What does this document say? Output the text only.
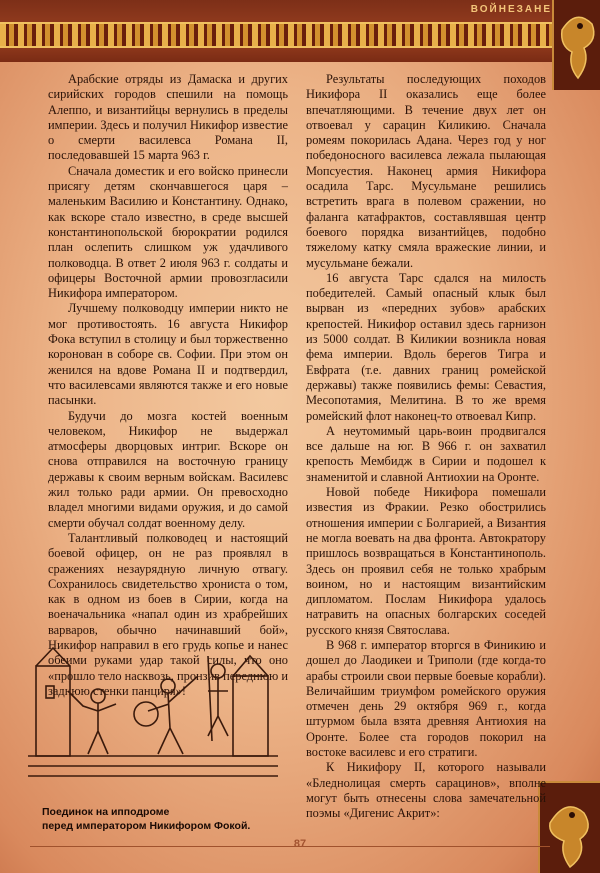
ВОЙНЕЗАНЕ

Арабские отряды из Дамаска и других сирийских городов спешили на помощь Алеппо, и византийцы вернулись в пределы империи. Здесь и получил Никифор известие о смерти василевса Романа II, последовавшей 15 марта 963 г.

Сначала доместик и его войско принесли присягу детям скончавшегося царя – маленьким Василию и Константину. Однако, как вскоре стало известно, в среде высшей константинопольской бюрократии родился план ослепить слишком уж удачливого полководца. В ответ 2 июля 963 г. солдаты и офицеры Восточной армии провозгласили Никифора императором.

Лучшему полководцу империи никто не мог противостоять. 16 августа Никифор Фока вступил в столицу и был торжественно коронован в соборе св. Софии. При этом он женился на вдове Романа II и подтвердил, что василевсами являются также и его новые пасынки.

Будучи до мозга костей военным человеком, Никифор не выдержал атмосферы дворцовых интриг. Вскоре он снова отправился на восточную границу державы к своим верным войскам. Василевс жил только ради армии. Он превосходно владел многими видами оружия, и до самой смерти обучал солдат военному делу.

Талантливый полководец и настоящий боевой офицер, он не раз проявлял в сражениях незаурядную личную отвагу. Сохранилось свидетельство хрониста о том, как в одном из боев в Сирии, когда на военачальника «напал один из храбрейших варваров, обычно начинавший бой», Никифор направил в его грудь копье и нанес обеими руками удар такой силы, что оно «прошло тело насквозь, пронзив переднюю и заднюю стенки панциря»!

Результаты последующих походов Никифора II оказались еще более впечатляющими. В течение двух лет он отвоевал у сарацин Киликию. Сначала ромеям покорилась Адана. Через год у ног победоносного василевса лежала пылающая Мопсуестия. Наконец армия Никифора осадила Тарс. Мусульмане решились встретить врага в полевом сражении, но фаланга катафрактов, составлявшая центр боевого порядка византийцев, подобно тяжелому катку смяла вражеские линии, и мусульмане бежали.

16 августа Тарс сдался на милость победителей. Самый опасный клык был вырван из «передних зубов» арабских крепостей. Никифор оставил здесь гарнизон из 5000 солдат. В Киликии возникла новая фема империи. Вдоль берегов Тигра и Евфрата (т.е. давних границ ромейской державы) также появились фемы: Севастия, Месопотамия, Мелитина. В то же время ромейский флот наконец-то отвоевал Кипр.

А неутомимый царь-воин продвигался все дальше на юг. В 966 г. он захватил крепость Мембидж в Сирии и подошел к знаменитой и славной Антиохии на Оронте.

Новой победе Никифора помешали известия из Фракии. Резко обострились отношения империи с Болгарией, а Византия не могла воевать на два фронта. Автократору пришлось возвращаться в Константинополь. Здесь он проявил себя не только храбрым воином, но и настоящим византийским дипломатом. Послам Никифора удалось натравить на опасных болгарских соседей русского князя Святослава.

В 968 г. император вторгся в Финикию и дошел до Лаодикеи и Триполи (где когда-то арабы строили свои первые боевые корабли). Величайшим триумфом ромейского оружия отмечен день 29 октября 969 г., когда штурмом была взята древняя Антиохия на Оронте. Более ста городов покорил на востоке василевс и его стратиги.

К Никифору II, которого называли «Бледнолицая смерть сарацинов», вполне могут быть отнесены слова замечательной поэмы «Дигенис Акрит»:

Поединок на ипподроме
перед императором Никифором Фокой.
87
